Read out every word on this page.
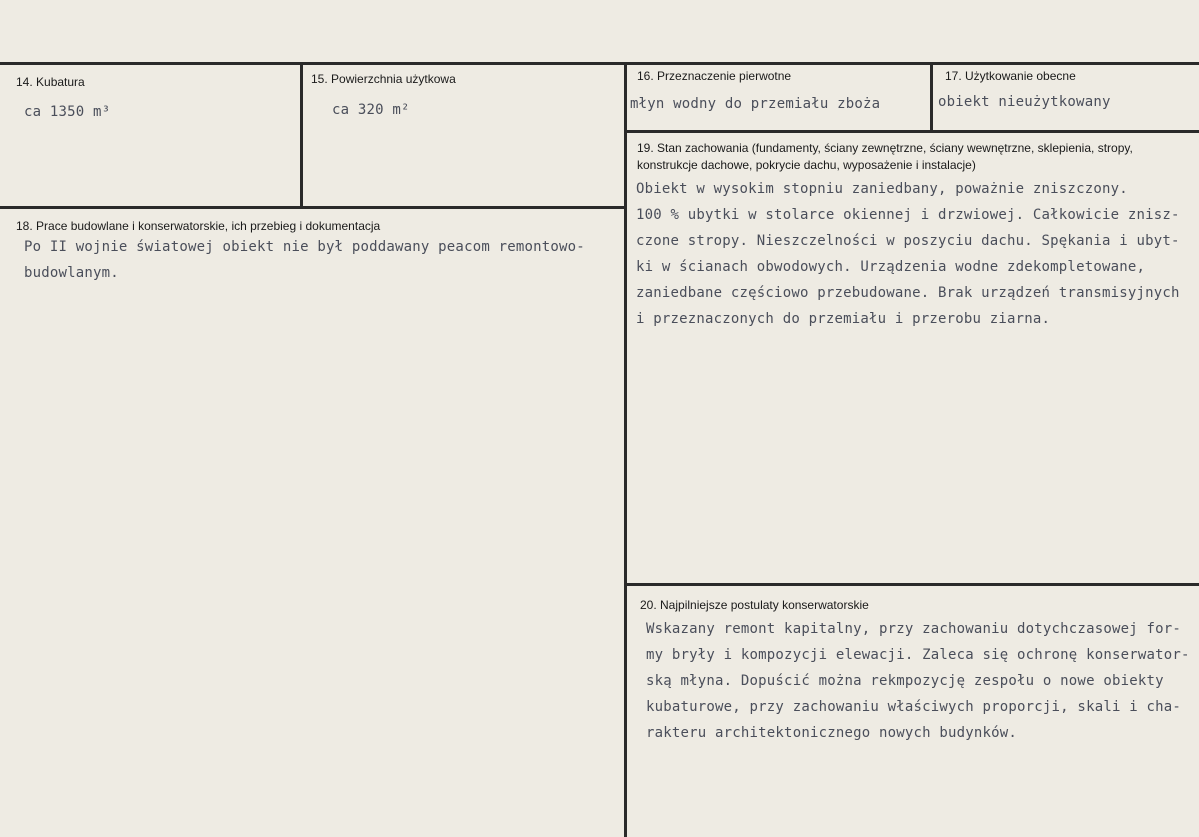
14. Kubatura
ca 1350 m³
15. Powierzchnia użytkowa
ca 320 m²
16. Przeznaczenie pierwotne
młyn wodny do przemiału zboża
17. Użytkowanie obecne
obiekt nieużytkowany
18. Prace budowlane i konserwatorskie, ich przebieg i dokumentacja
Po II wojnie światowej obiekt nie był poddawany peacom remontowo-
budowlanym.
19. Stan zachowania (fundamenty, ściany zewnętrzne, ściany wewnętrzne, sklepienia, stropy, konstrukcje dachowe, pokrycie dachu, wyposażenie i instalacje)
Obiekt w wysokim stopniu zaniedbany, poważnie zniszczony.
100 % ubytki w stolarce okiennej i drzwiowej. Całkowicie znisz-
czone stropy. Nieszczelności w poszyciu dachu. Spękania i ubyt-
ki w ścianach obwodowych. Urządzenia wodne zdekompletowane,
zaniedbane częściowo przebudowane. Brak urządzeń transmisyjnych
i przeznaczonych do przemiału i przerobu ziarna.
20. Najpilniejsze postulaty konserwatorskie
Wskazany remont kapitalny, przy zachowaniu dotychczasowej for-
my bryły i kompozycji elewacji. Zaleca się ochronę konserwator-
ską młyna. Dopuścić można rekmpozycję zespołu o nowe obiekty
kubaturowe, przy zachowaniu właściwych proporcji, skali i cha-
rakteru architektonicznego nowych budynków.
